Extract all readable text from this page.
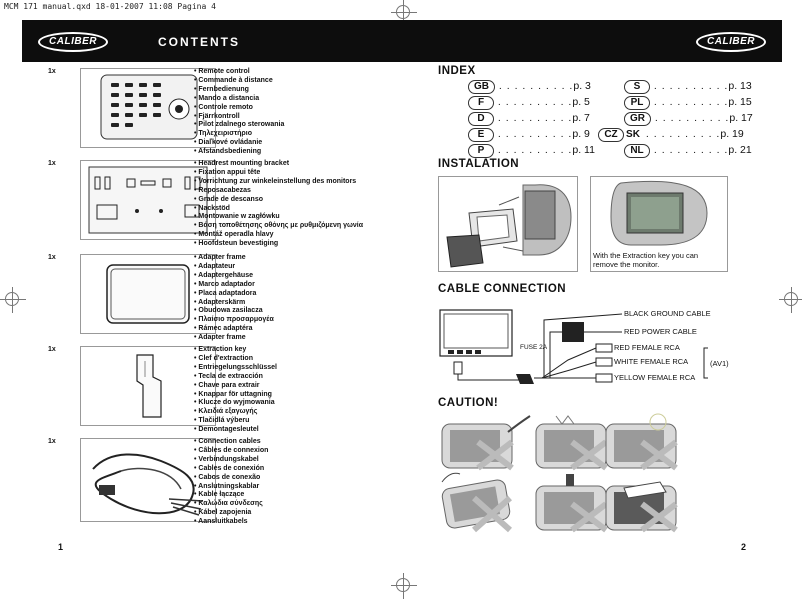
MCM 171 manual.qxd 18-01-2007 11:08 Pagina 4
CALIBER	CONTENTS	CALIBER
1x	• Remote control
• Commande à distance
• Fernbedienung
• Mando a distancia
• Controle remoto
• Fjärrkontroll
• Pilot zdalnego sterowania
• Τηλεχειριστήριο
• Diaľkové ovládanie
• Afstandsbediening
1x	• Headrest mounting bracket
• Fixation appui tête
• Vorrichtung zur winkeleinstellung des monitors
• Reposacabezas
• Grade de descanso
• Nackstöd
• Montowanie w zagłówku
• Βάση τοποθέτησης οθόνης με ρυθμιζόμενη γωνία
• Montáž operadla hlavy
• Hoofdsteun bevestiging
1x	• Adapter frame
• Adaptateur
• Adaptergehäuse
• Marco adaptador
• Placa adaptadora
• Adapterskärm
• Obudowa zasilacza
• Πλαίσιο προσαρμογέα
• Rámec adaptéra
• Adapter frame
1x	• Extraction key
• Clef d'extraction
• Entriegelungsschlüssel
• Tecla de extracción
• Chave para extrair
• Knappar för uttagning
• Klucze do wyjmowania
• Κλειδιά εξαγωγής
• Tlačidlá výberu
• Demontagesleutel
1x	• Connection cables
• Câbles de connexion
• Verbindungskabel
• Cables de conexión
• Cabos de conexão
• Anslutningskablar
• Kable łączące
• Καλώδια σύνδεσης
• Kábel zapojenia
• Aansluitkabels
1
INDEX
GB . . . . . . . . . .p. 3
F . . . . . . . . . .p. 5
D . . . . . . . . . .p. 7
E . . . . . . . . . .p. 9
P . . . . . . . . . .p. 11
S . . . . . . . . . .p. 13
PL . . . . . . . . . .p. 15
GR . . . . . . . . . .p. 17
CZ SK . . . . . . . . . .p. 19
NL . . . . . . . . . .p. 21
INSTALATION
With the Extraction key you can remove the monitor.
CABLE CONNECTION
BLACK GROUND CABLE
RED POWER CABLE
FUSE 2A	RED FEMALE RCA
WHITE FEMALE RCA
YELLOW FEMALE RCA
(AV1)
CAUTION!
2
